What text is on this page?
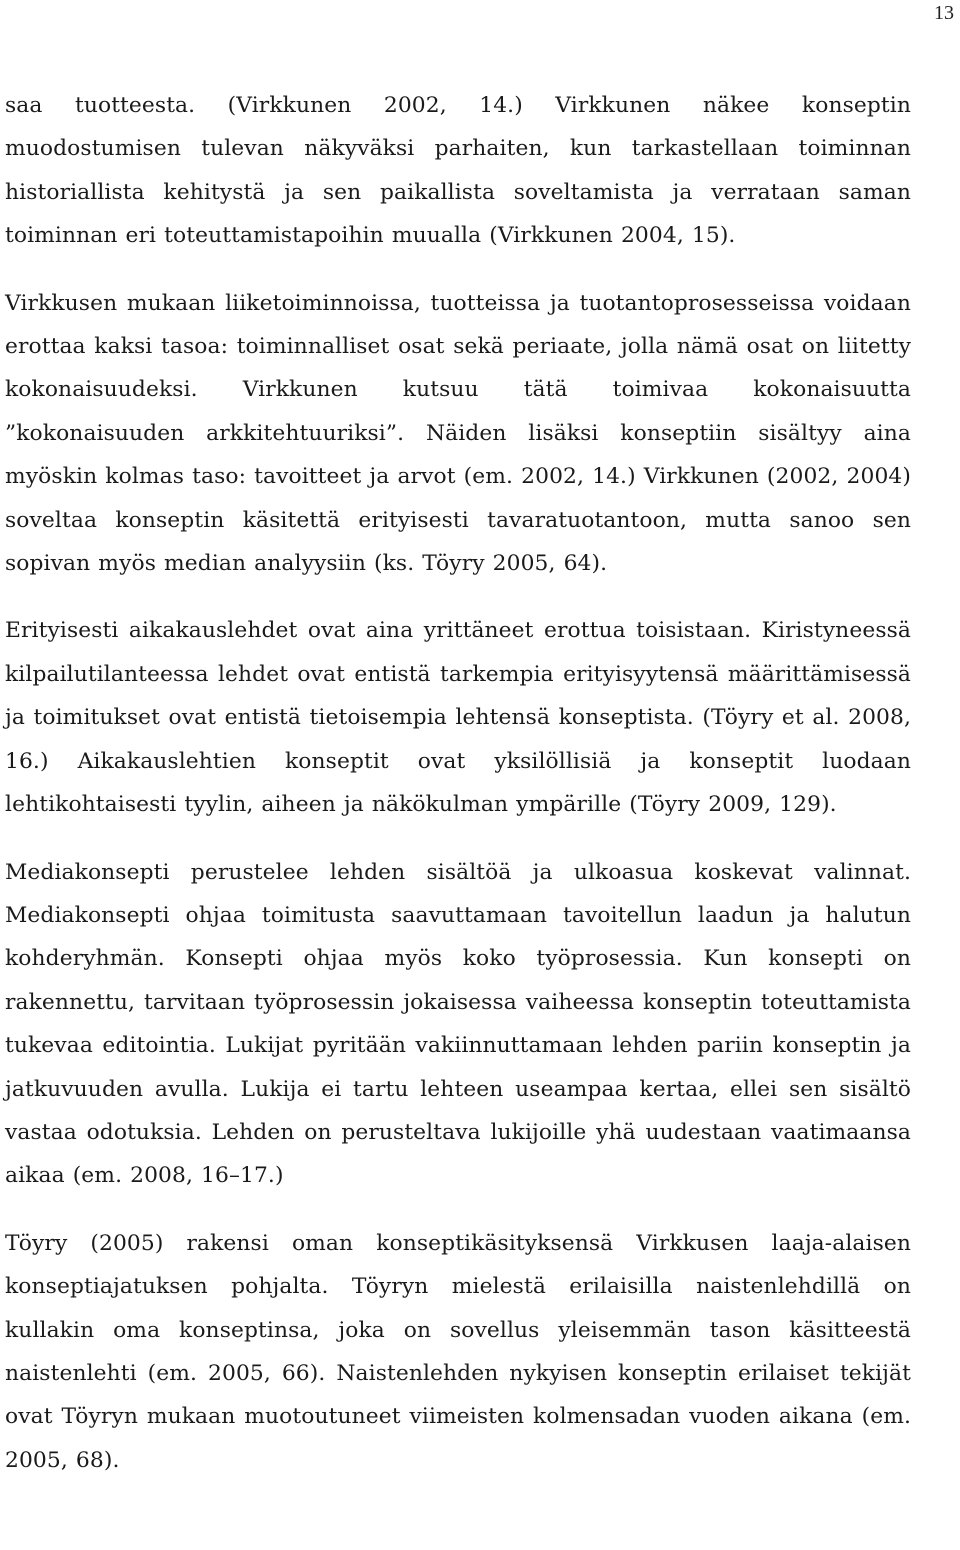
13

saa tuotteesta. (Virkkunen 2002, 14.) Virkkunen näkee konseptin muodostumisen tulevan näkyväksi parhaiten, kun tarkastellaan toiminnan historiallista kehitystä ja sen paikallista soveltamista ja verrataan saman toiminnan eri toteuttamistapoihin muualla (Virkkunen 2004, 15).

Virkkusen mukaan liiketoiminnoissa, tuotteissa ja tuotantoprosesseissa voidaan erottaa kaksi tasoa: toiminnalliset osat sekä periaate, jolla nämä osat on liitetty kokonaisuudeksi. Virkkunen kutsuu tätä toimivaa kokonaisuutta ”kokonaisuuden arkkitehtuuriksi”. Näiden lisäksi konseptiin sisältyy aina myöskin kolmas taso: tavoitteet ja arvot (em. 2002, 14.) Virkkunen (2002, 2004) soveltaa konseptin käsitettä erityisesti tavaratuotantoon, mutta sanoo sen sopivan myös median analyysiin (ks. Töyry 2005, 64).

Erityisesti aikakauslehdet ovat aina yrittäneet erottua toisistaan. Kiristyneessä kilpailutilanteessa lehdet ovat entistä tarkempia erityisyytensä määrittämisessä ja toimitukset ovat entistä tietoisempia lehtensä konseptista. (Töyry et al. 2008, 16.) Aikakauslehtien konseptit ovat yksilöllisiä ja konseptit luodaan lehtikohtaisesti tyylin, aiheen ja näkökulman ympärille (Töyry 2009, 129).

Mediakonsepti perustelee lehden sisältöä ja ulkoasua koskevat valinnat. Mediakonsepti ohjaa toimitusta saavuttamaan tavoitellun laadun ja halutun kohderyhmän. Konsepti ohjaa myös koko työprosessia. Kun konsepti on rakennettu, tarvitaan työprosessin jokaisessa vaiheessa konseptin toteuttamista tukevaa editointia. Lukijat pyritään vakiinnuttamaan lehden pariin konseptin ja jatkuvuuden avulla. Lukija ei tartu lehteen useampaa kertaa, ellei sen sisältö vastaa odotuksia. Lehden on perusteltava lukijoille yhä uudestaan vaatimaansa aikaa (em. 2008, 16–17.)

Töyry (2005) rakensi oman konseptikäsityksensä Virkkusen laaja-alaisen konseptiajatuksen pohjalta. Töyryn mielestä erilaisilla naistenlehdillä on kullakin oma konseptinsa, joka on sovellus yleisemmän tason käsitteestä naistenlehti (em. 2005, 66). Naistenlehden nykyisen konseptin erilaiset tekijät ovat Töyryn mukaan muotoutuneet viimeisten kolmensadan vuoden aikana (em. 2005, 68).
